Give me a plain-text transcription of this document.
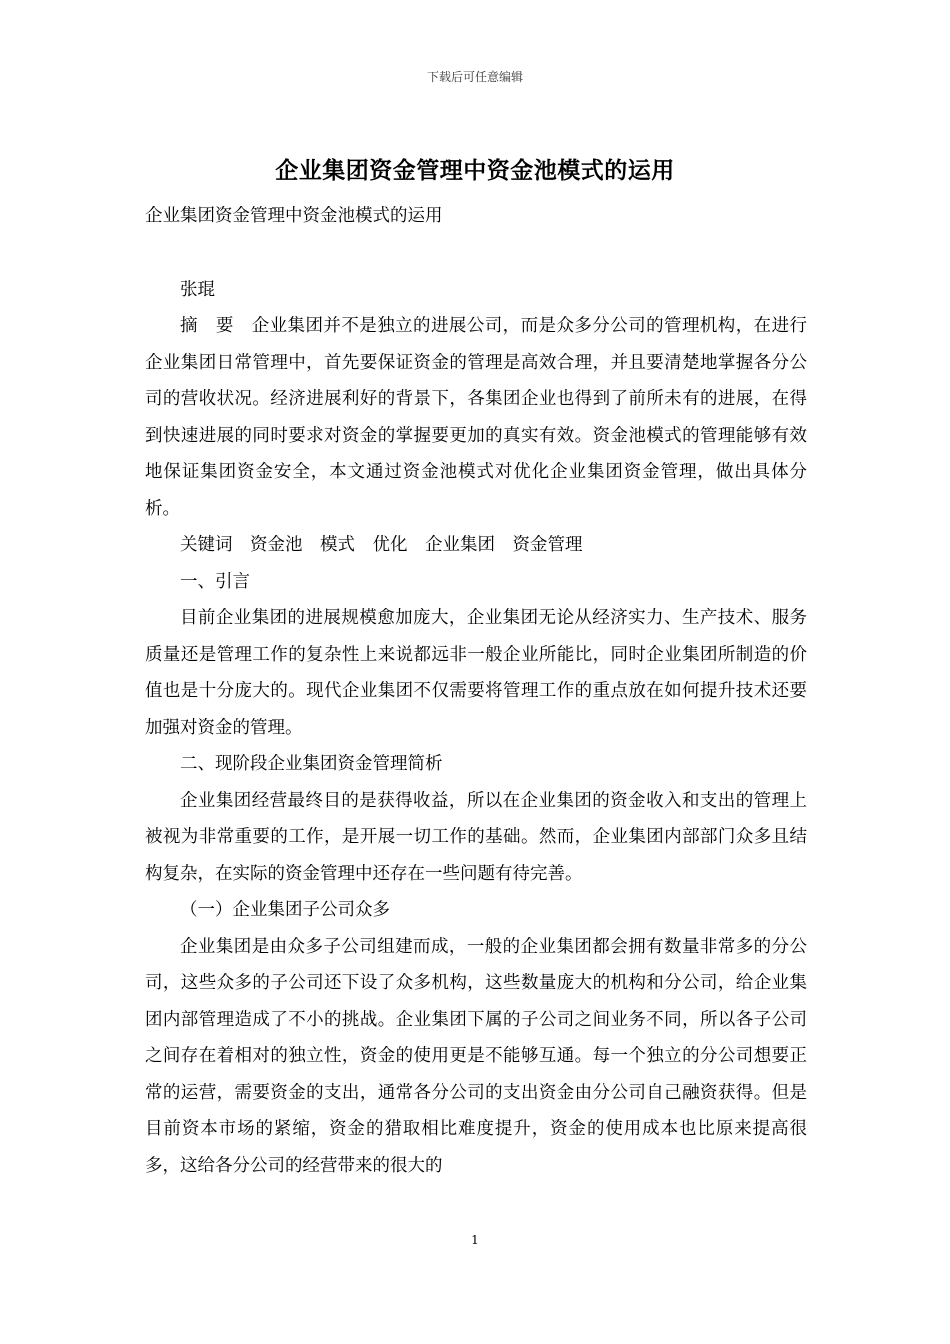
下载后可任意编辑
企业集团资金管理中资金池模式的运用
企业集团资金管理中资金池模式的运用
张琨

摘　要　企业集团并不是独立的进展公司，而是众多分公司的管理机构，在进行企业集团日常管理中，首先要保证资金的管理是高效合理，并且要清楚地掌握各分公司的营收状况。经济进展利好的背景下，各集团企业也得到了前所未有的进展，在得到快速进展的同时要求对资金的掌握要更加的真实有效。资金池模式的管理能够有效地保证集团资金安全，本文通过资金池模式对优化企业集团资金管理，做出具体分析。

关键词　资金池　模式　优化　企业集团　资金管理

一、引言

目前企业集团的进展规模愈加庞大，企业集团无论从经济实力、生产技术、服务质量还是管理工作的复杂性上来说都远非一般企业所能比，同时企业集团所制造的价值也是十分庞大的。现代企业集团不仅需要将管理工作的重点放在如何提升技术还要加强对资金的管理。

二、现阶段企业集团资金管理简析

企业集团经营最终目的是获得收益，所以在企业集团的资金收入和支出的管理上被视为非常重要的工作，是开展一切工作的基础。然而，企业集团内部部门众多且结构复杂，在实际的资金管理中还存在一些问题有待完善。

（一）企业集团子公司众多

企业集团是由众多子公司组建而成，一般的企业集团都会拥有数量非常多的分公司，这些众多的子公司还下设了众多机构，这些数量庞大的机构和分公司，给企业集团内部管理造成了不小的挑战。企业集团下属的子公司之间业务不同，所以各子公司之间存在着相对的独立性，资金的使用更是不能够互通。每一个独立的分公司想要正常的运营，需要资金的支出，通常各分公司的支出资金由分公司自己融资获得。但是目前资本市场的紧缩，资金的猎取相比难度提升，资金的使用成本也比原来提高很多，这给各分公司的经营带来的很大的

1
